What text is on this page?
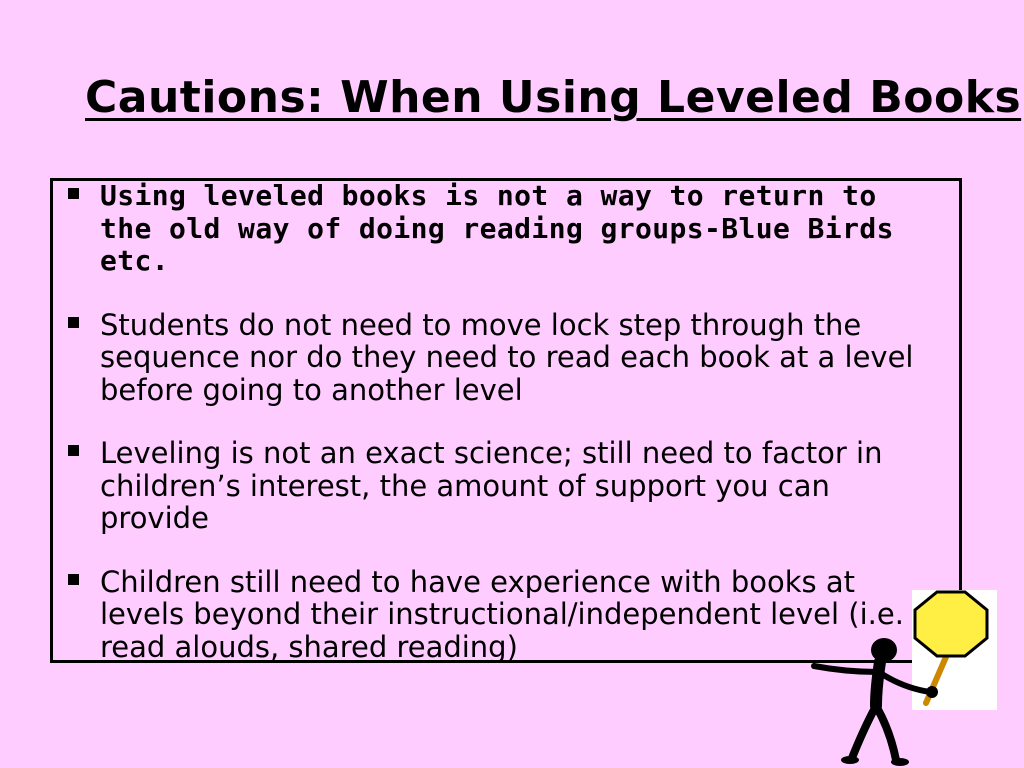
Cautions: When Using Leveled Books
Using leveled books is not a way to return to the old way of doing reading groups-Blue Birds etc.
Students do not need to move lock step through the sequence nor do they need to read each book at a level before going to another level
Leveling is not an exact science; still need to factor in children’s interest, the amount of support you can provide
Children still need to have experience with books at levels beyond their instructional/independent level (i.e. read alouds, shared reading)
